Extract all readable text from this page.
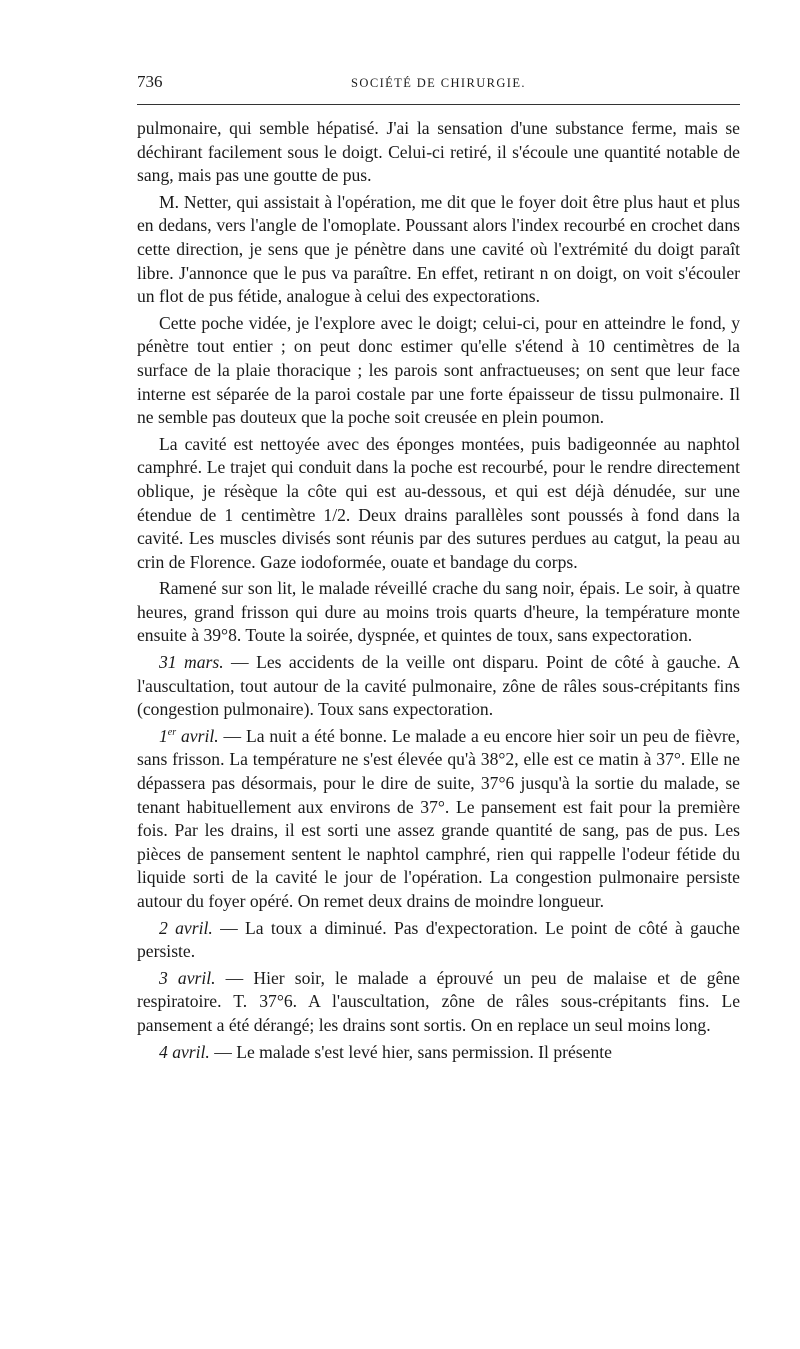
736	SOCIÉTÉ DE CHIRURGIE.

pulmonaire, qui semble hépatisé. J'ai la sensation d'une substance ferme, mais se déchirant facilement sous le doigt. Celui-ci retiré, il s'écoule une quantité notable de sang, mais pas une goutte de pus.

M. Netter, qui assistait à l'opération, me dit que le foyer doit être plus haut et plus en dedans, vers l'angle de l'omoplate. Poussant alors l'index recourbé en crochet dans cette direction, je sens que je pénètre dans une cavité où l'extrémité du doigt paraît libre. J'annonce que le pus va paraître. En effet, retirant n on doigt, on voit s'écouler un flot de pus fétide, analogue à celui des expectorations.

Cette poche vidée, je l'explore avec le doigt; celui-ci, pour en atteindre le fond, y pénètre tout entier ; on peut donc estimer qu'elle s'étend à 10 centimètres de la surface de la plaie thoracique ; les parois sont anfractueuses; on sent que leur face interne est séparée de la paroi costale par une forte épaisseur de tissu pulmonaire. Il ne semble pas douteux que la poche soit creusée en plein poumon.

La cavité est nettoyée avec des éponges montées, puis badigeonnée au naphtol camphré. Le trajet qui conduit dans la poche est recourbé, pour le rendre directement oblique, je résèque la côte qui est au-dessous, et qui est déjà dénudée, sur une étendue de 1 centimètre 1/2. Deux drains parallèles sont poussés à fond dans la cavité. Les muscles divisés sont réunis par des sutures perdues au catgut, la peau au crin de Florence. Gaze iodoformée, ouate et bandage du corps.

Ramené sur son lit, le malade réveillé crache du sang noir, épais. Le soir, à quatre heures, grand frisson qui dure au moins trois quarts d'heure, la température monte ensuite à 39°8. Toute la soirée, dyspnée, et quintes de toux, sans expectoration.

31 mars. — Les accidents de la veille ont disparu. Point de côté à gauche. A l'auscultation, tout autour de la cavité pulmonaire, zône de râles sous-crépitants fins (congestion pulmonaire). Toux sans expectoration.

1er avril. — La nuit a été bonne. Le malade a eu encore hier soir un peu de fièvre, sans frisson. La température ne s'est élevée qu'à 38°2, elle est ce matin à 37°. Elle ne dépassera pas désormais, pour le dire de suite, 37°6 jusqu'à la sortie du malade, se tenant habituellement aux environs de 37°. Le pansement est fait pour la première fois. Par les drains, il est sorti une assez grande quantité de sang, pas de pus. Les pièces de pansement sentent le naphtol camphré, rien qui rappelle l'odeur fétide du liquide sorti de la cavité le jour de l'opération. La congestion pulmonaire persiste autour du foyer opéré. On remet deux drains de moindre longueur.

2 avril. — La toux a diminué. Pas d'expectoration. Le point de côté à gauche persiste.

3 avril. — Hier soir, le malade a éprouvé un peu de malaise et de gêne respiratoire. T. 37°6. A l'auscultation, zône de râles sous-crépitants fins. Le pansement a été dérangé; les drains sont sortis. On en replace un seul moins long.

4 avril. — Le malade s'est levé hier, sans permission. Il présente
